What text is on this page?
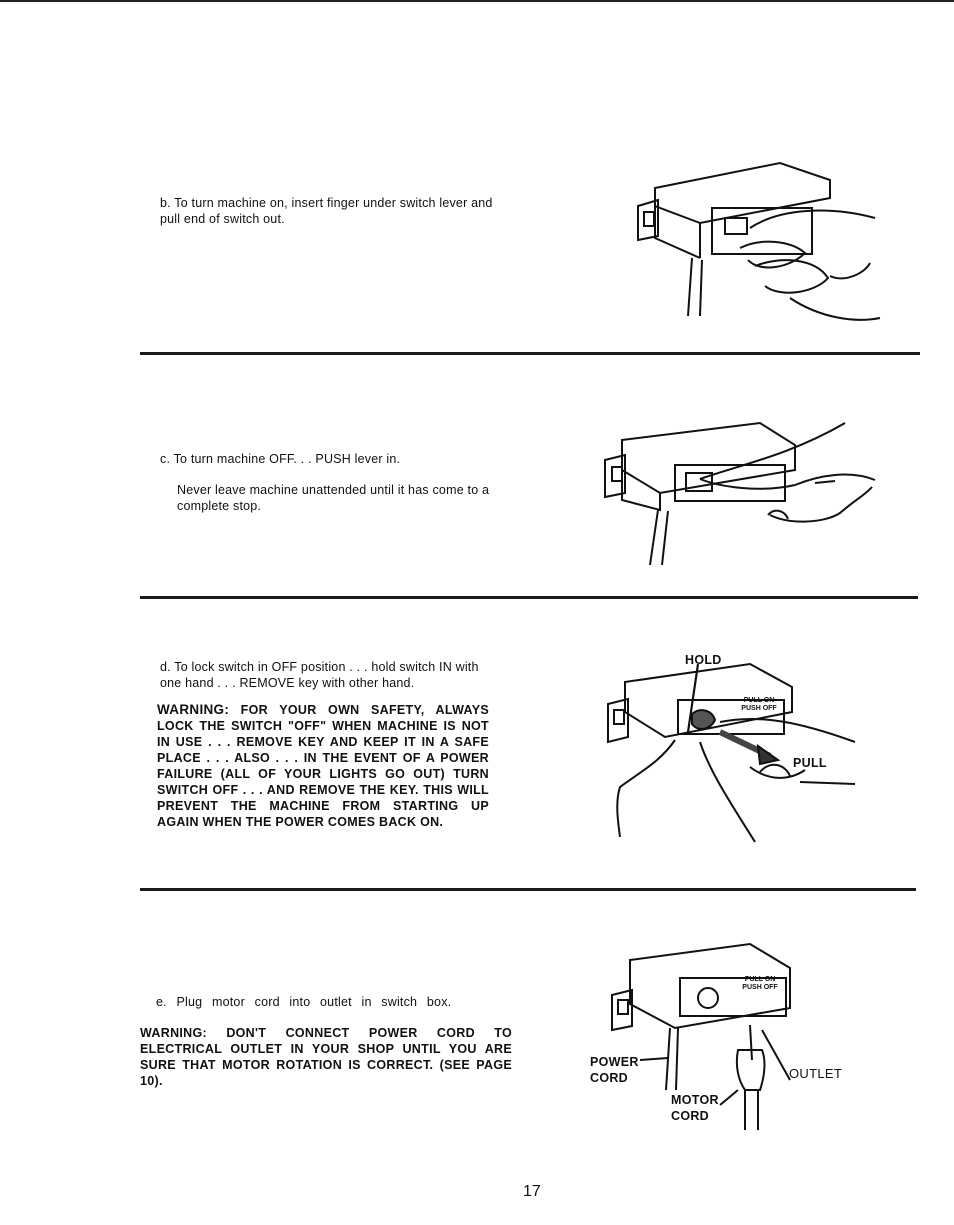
b. To turn machine on, insert finger under switch lever and pull end of switch out.
c. To turn machine OFF. . . PUSH lever in.
Never leave machine unattended until it has come to a complete stop.
d. To lock switch in OFF position . . . hold switch IN with one hand . . . REMOVE key with other hand.
WARNING: FOR YOUR OWN SAFETY, ALWAYS LOCK THE SWITCH "OFF" WHEN MACHINE IS NOT IN USE . . . REMOVE KEY AND KEEP IT IN A SAFE PLACE . . . ALSO . . . IN THE EVENT OF A POWER FAILURE (ALL OF YOUR LIGHTS GO OUT) TURN SWITCH OFF . . . AND REMOVE THE KEY. THIS WILL PREVENT THE MACHINE FROM STARTING UP AGAIN WHEN THE POWER COMES BACK ON.
HOLD
PULL
PULL ON
PUSH OFF
e. Plug motor cord into outlet in switch box.
WARNING: DON'T CONNECT POWER CORD TO ELECTRICAL OUTLET IN YOUR SHOP UNTIL YOU ARE SURE THAT MOTOR ROTATION IS CORRECT. (SEE PAGE 10).
PULL ON
PUSH OFF
POWER CORD
MOTOR CORD
OUTLET
17
